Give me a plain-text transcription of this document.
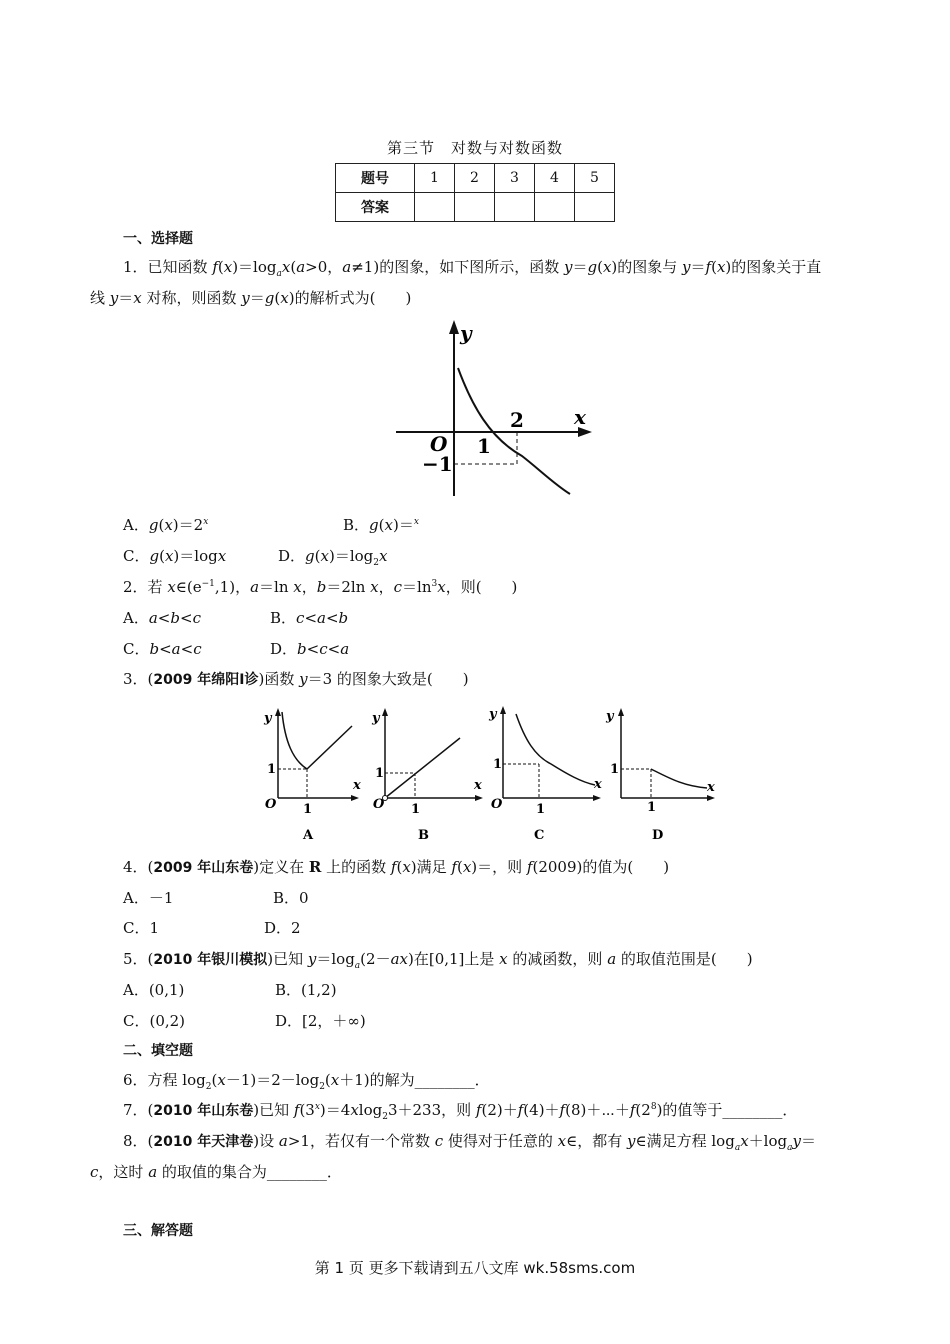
第三节　对数与对数函数
题号	1	2	3	4	5
答案					
一、选择题
1．已知函数 $f(x)=\log_ax(a>0$，a≠1)的图象，如下图所示，函数 y＝g(x)的图象与 y＝f(x)的图象关于直
线 y＝x 对称，则函数 y＝g(x)的解析式为(　　)
y
x
O 1
2
−1
A．$g(x)=2^x$	B．g(x)＝$^x$
C．g(x)＝logx	D．$g(x)=\log_2x$
2．若 $x\in(e^{-1},1)$，a＝ln x，b＝2ln x，$c=\ln^3x$，则(　　)
A．a<b<c	B．c<a<b
C．b<a<c	D．b<c<a
3．(2009 年绵阳Ⅰ诊)函数 y＝3 的图象大致是(　　)
y
x
1
1
O
A
y
x
1
1
O
B
y
x
1
1
O
C
y
x
1
1
D
4．(2009 年山东卷)定义在 R 上的函数 f(x)满足 f(x)＝，则 f(2009)的值为(　　)
A．－1	B．0
C．1	D．2
5．(2010 年银川模拟)已知 $y=\log_a(2-ax)$在[0,1]上是 x 的减函数，则 a 的取值范围是(　　)
A．(0,1)	B．(1,2)
C．(0,2)	D．[2，＋∞)
二、填空题
6．方程 $\log_2(x-1)=2-\log_2(x+1)$的解为________．
7．(2010 年山东卷)已知 $f(3^x)=4xlog_23+233$，则 $f(2)+f(4)+f(8)+\cdots+f(2^8)$的值等于________．
8．(2010 年天津卷)设 a>1，若仅有一个常数 c 使得对于任意的 x∈，都有 y∈满足方程 $\log_ax+\log_ay=$
c，这时 a 的取值的集合为________．
三、解答题
第 1 页 更多下载请到五八文库 wk.58sms.com
